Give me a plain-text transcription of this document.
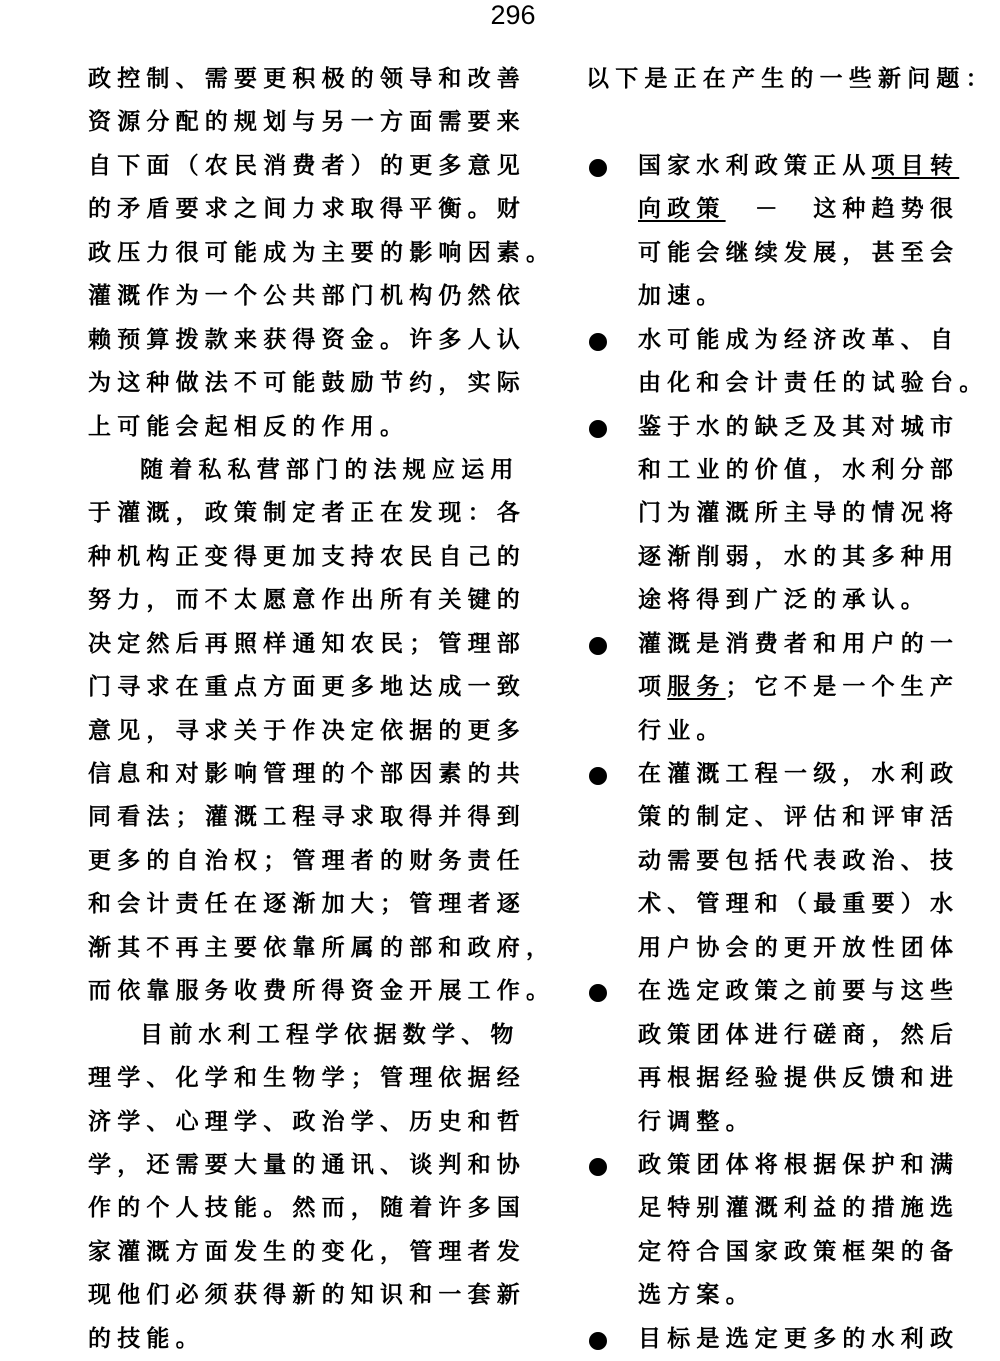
296
政控制、需要更积极的领导和改善
资源分配的规划与另一方面需要来
自下面（农民消费者）的更多意见
的矛盾要求之间力求取得平衡。财
政压力很可能成为主要的影响因素。
灌溉作为一个公共部门机构仍然依
赖预算拨款来获得资金。许多人认
为这种做法不可能鼓励节约，实际
上可能会起相反的作用。
随着私私营部门的法规应运用
于灌溉，政策制定者正在发现：各
种机构正变得更加支持农民自己的
努力，而不太愿意作出所有关键的
决定然后再照样通知农民；管理部
门寻求在重点方面更多地达成一致
意见，寻求关于作决定依据的更多
信息和对影响管理的个部因素的共
同看法；灌溉工程寻求取得并得到
更多的自治权；管理者的财务责任
和会计责任在逐渐加大；管理者逐
渐其不再主要依靠所属的部和政府，
而依靠服务收费所得资金开展工作。
目前水利工程学依据数学、物
理学、化学和生物学；管理依据经
济学、心理学、政治学、历史和哲
学，还需要大量的通讯、谈判和协
作的个人技能。然而，随着许多国
家灌溉方面发生的变化，管理者发
现他们必须获得新的知识和一套新
的技能。
以下是正在产生的一些新问题：
国家水利政策正从项目转
向政策　－　这种趋势很
可能会继续发展，甚至会
加速。
水可能成为经济改革、自
由化和会计责任的试验台。
鉴于水的缺乏及其对城市
和工业的价值，水利分部
门为灌溉所主导的情况将
逐渐削弱，水的其多种用
途将得到广泛的承认。
灌溉是消费者和用户的一
项服务；它不是一个生产
行业。
在灌溉工程一级，水利政
策的制定、评估和评审活
动需要包括代表政治、技
术、管理和（最重要）水
用户协会的更开放性团体
在选定政策之前要与这些
政策团体进行磋商，然后
再根据经验提供反馈和进
行调整。
政策团体将根据保护和满
足特别灌溉利益的措施选
定符合国家政策框架的备
选方案。
目标是选定更多的水利政
